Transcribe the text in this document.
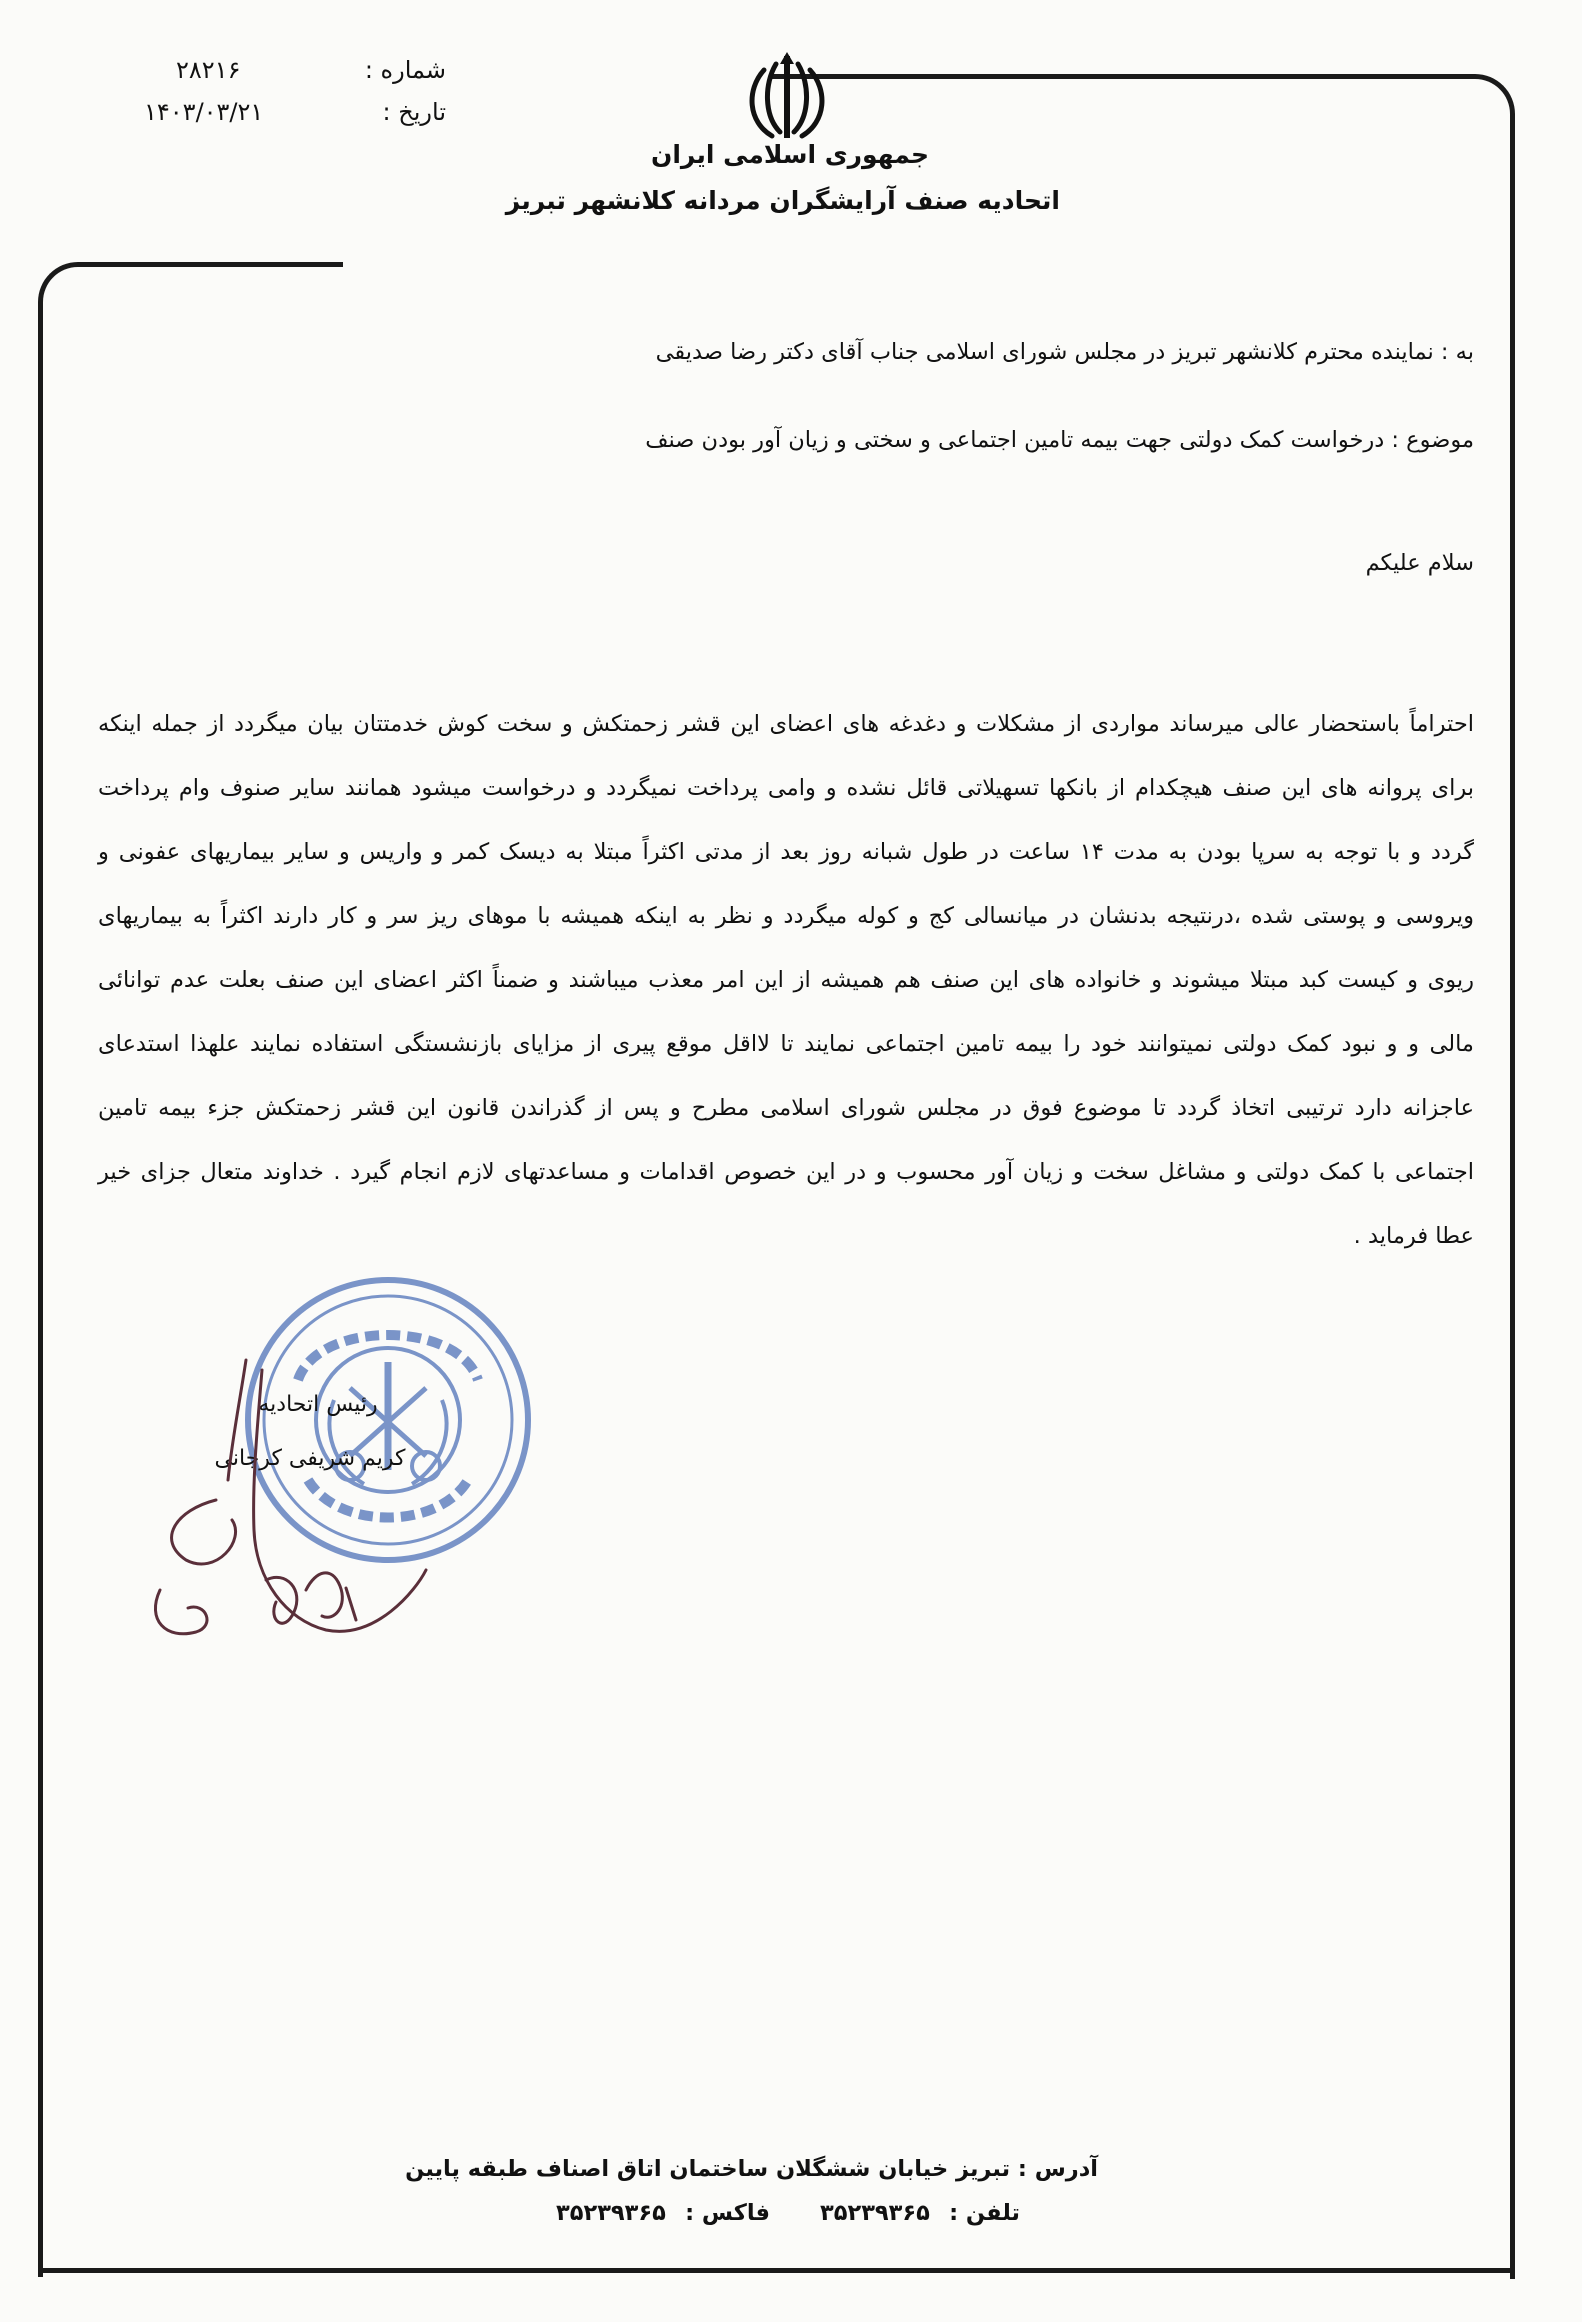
جمهوری اسلامی ایران
اتحادیه صنف آرایشگران مردانه کلانشهر تبریز
شماره :
۲۸۲۱۶
تاریخ :
۱۴۰۳/۰۳/۲۱
به : نماینده محترم کلانشهر تبریز در مجلس شورای اسلامی جناب آقای دکتر رضا صدیقی
موضوع : درخواست کمک دولتی جهت بیمه تامین اجتماعی و سختی و زیان آور بودن صنف
سلام علیکم
احتراماً باستحضار عالی میرساند مواردی از مشکلات و دغدغه های اعضای این قشر زحمتکش و سخت کوش خدمتتان بیان میگردد از جمله اینکه
برای پروانه های این صنف هیچکدام از بانکها تسهیلاتی قائل نشده و وامی پرداخت نمیگردد و درخواست میشود همانند سایر صنوف وام پرداخت
گردد و با توجه به سرپا بودن به مدت ۱۴ ساعت در طول شبانه روز بعد از مدتی اکثراً مبتلا به دیسک کمر و واریس و سایر بیماریهای عفونی و
ویروسی و پوستی شده ،درنتیجه بدنشان در میانسالی کج و کوله میگردد و نظر به اینکه همیشه با موهای ریز سر و کار دارند اکثراً به بیماریهای
ریوی و کیست کبد مبتلا میشوند و خانواده های این صنف هم همیشه از این امر معذب میباشند و ضمناً اکثر اعضای این صنف بعلت عدم توانائی
مالی و و نبود کمک دولتی نمیتوانند خود را بیمه تامین اجتماعی نمایند تا لااقل موقع پیری از مزایای بازنشستگی استفاده نمایند علهذا استدعای
عاجزانه دارد ترتیبی اتخاذ گردد تا موضوع فوق در مجلس شورای اسلامی مطرح و پس از گذراندن قانون این قشر زحمتکش جزء بیمه تامین
اجتماعی با کمک دولتی و مشاغل سخت و زیان آور محسوب و در این خصوص اقدامات و مساعدتهای لازم انجام گیرد . خداوند متعال جزای خیر
عطا فرماید .
رئیس اتحادیه
کریم شریفی کرجانی
آدرس : تبریز خیابان ششگلان ساختمان اتاق اصناف طبقه پایین
تلفن :
۳۵۲۳۹۳۶۵
فاکس :
۳۵۲۳۹۳۶۵
